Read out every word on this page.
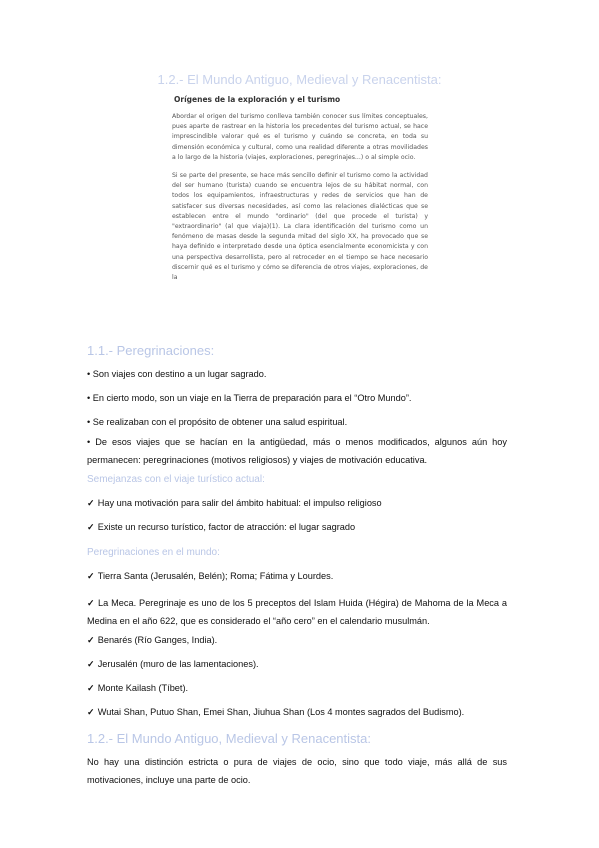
1.2.- El Mundo Antiguo, Medieval y Renacentista:
Orígenes de la exploración y el turismo

Abordar el origen del turismo conlleva también conocer sus límites conceptuales, pues aparte de rastrear en la historia los precedentes del turismo actual, se hace imprescindible valorar qué es el turismo y cuándo se concreta, en toda su dimensión económica y cultural, como una realidad diferente a otras movilidades a lo largo de la historia (viajes, exploraciones, peregrinajes...) o al simple ocio.

Si se parte del presente, se hace más sencillo definir el turismo como la actividad del ser humano (turista) cuando se encuentra lejos de su hábitat normal, con todos los equipamientos, infraestructuras y redes de servicios que han de satisfacer sus diversas necesidades, así como las relaciones dialécticas que se establecen entre el mundo "ordinario" (del que procede el turista) y "extraordinario" (al que viaja)(1). La clara identificación del turismo como un fenómeno de masas desde la segunda mitad del siglo XX, ha provocado que se haya definido e interpretado desde una óptica esencialmente economicista y con una perspectiva desarrollista, pero al retroceder en el tiempo se hace necesario discernir qué es el turismo y cómo se diferencia de otros viajes, exploraciones, de la

1.1.- Peregrinaciones:
• Son viajes con destino a un lugar sagrado.
• En cierto modo, son un viaje en la Tierra de preparación para el “Otro Mundo”.
• Se realizaban con el propósito de obtener una salud espiritual.
• De esos viajes que se hacían en la antigüedad, más o menos modificados, algunos aún hoy permanecen: peregrinaciones (motivos religiosos) y viajes de motivación educativa.
Semejanzas con el viaje turístico actual:
✓ Hay una motivación para salir del ámbito habitual: el impulso religioso
✓ Existe un recurso turístico, factor de atracción: el lugar sagrado
Peregrinaciones en el mundo:
✓ Tierra Santa (Jerusalén, Belén); Roma; Fátima y Lourdes.
✓ La Meca. Peregrinaje es uno de los 5 preceptos del Islam Huida (Hégira) de Mahoma de la Meca a Medina en el año 622, que es considerado el “año cero” en el calendario musulmán.
✓ Benarés (Río Ganges, India).
✓ Jerusalén (muro de las lamentaciones).
✓ Monte Kailash (Tíbet).
✓ Wutai Shan, Putuo Shan, Emei Shan, Jiuhua Shan (Los 4 montes sagrados del Budismo).
1.2.- El Mundo Antiguo, Medieval y Renacentista:
No hay una distinción estricta o pura de viajes de ocio, sino que todo viaje, más allá de sus motivaciones, incluye una parte de ocio.
